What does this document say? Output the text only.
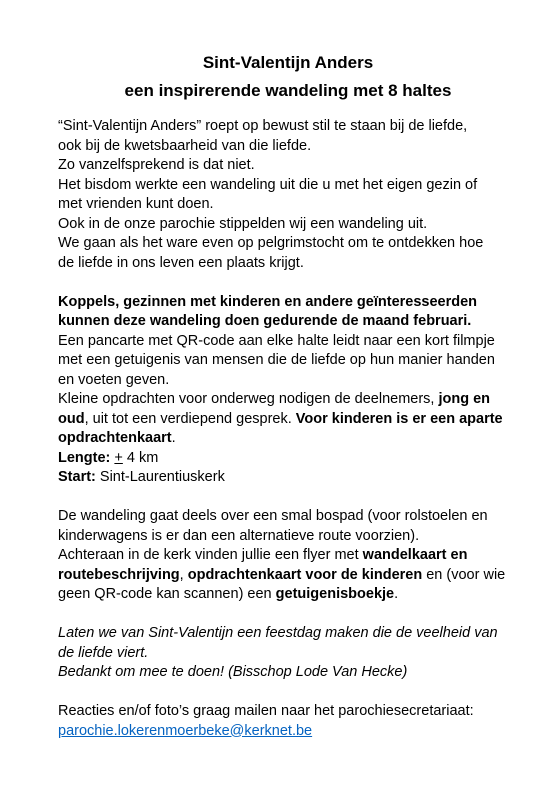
Sint-Valentijn Anders
een inspirerende wandeling met 8 haltes

“Sint-Valentijn Anders” roept op bewust stil te staan bij de liefde,

ook bij de kwetsbaarheid van die liefde.

Zo vanzelfsprekend is dat niet.

Het bisdom werkte een wandeling uit die u met het eigen gezin of

met vrienden kunt doen.

Ook in de onze parochie stippelden wij een wandeling uit.

We gaan als het ware even op pelgrimstocht om te ontdekken hoe

de liefde in ons leven een plaats krijgt.

Koppels, gezinnen met kinderen en andere geïnteresseerden

kunnen deze wandeling doen gedurende de maand februari.

Een pancarte met QR-code aan elke halte leidt naar een kort filmpje

met een getuigenis van mensen die de liefde op hun manier handen

en voeten geven.

Kleine opdrachten voor onderweg nodigen de deelnemers, jong en

oud, uit tot een verdiepend gesprek. Voor kinderen is er een aparte

opdrachtenkaart.

Lengte: + 4 km

Start: Sint-Laurentiuskerk

De wandeling gaat deels over een smal bospad (voor rolstoelen en

kinderwagens is er dan een alternatieve route voorzien).

Achteraan in de kerk vinden jullie een flyer met wandelkaart en

routebeschrijving, opdrachtenkaart voor de kinderen en (voor wie

geen QR-code kan scannen) een getuigenisboekje.

Laten we van Sint-Valentijn een feestdag maken die de veelheid van

de liefde viert.

Bedankt om mee te doen! (Bisschop Lode Van Hecke)

Reacties en/of foto’s graag mailen naar het parochiesecretariaat:

parochie.lokerenmoerbeke@kerknet.be
